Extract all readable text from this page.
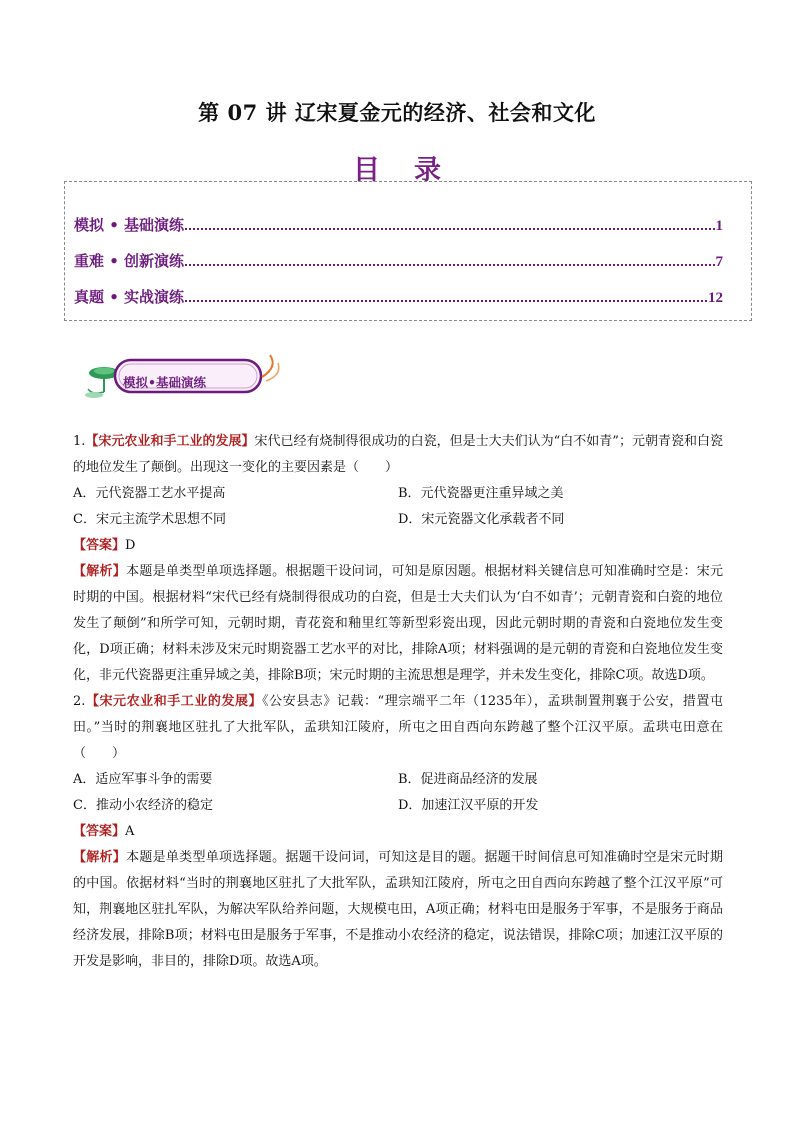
第 07 讲 辽宋夏金元的经济、社会和文化
目录
模拟 • 基础演练	1
重难 • 创新演练	7
真题 • 实战演练	12
模拟•基础演练

1.【宋元农业和手工业的发展】宋代已经有烧制得很成功的白瓷，但是士大夫们认为“白不如青”；元朝青瓷和白瓷的地位发生了颠倒。出现这一变化的主要因素是（　　）

A．元代瓷器工艺水平提高	B．元代瓷器更注重异域之美
C．宋元主流学术思想不同	D．宋元瓷器文化承载者不同

【答案】D

【解析】本题是单类型单项选择题。根据题干设问词，可知是原因题。根据材料关键信息可知准确时空是：宋元时期的中国。根据材料“宋代已经有烧制得很成功的白瓷，但是士大夫们认为‘白不如青’；元朝青瓷和白瓷的地位发生了颠倒”和所学可知，元朝时期，青花瓷和釉里红等新型彩瓷出现，因此元朝时期的青瓷和白瓷地位发生变化，D项正确；材料未涉及宋元时期瓷器工艺水平的对比，排除A项；材料强调的是元朝的青瓷和白瓷地位发生变化，非元代瓷器更注重异域之美，排除B项；宋元时期的主流思想是理学，并未发生变化，排除C项。故选D项。

2.【宋元农业和手工业的发展】《公安县志》记载：“理宗端平二年（1235年），孟珙制置荆襄于公安，措置屯田。”当时的荆襄地区驻扎了大批军队，孟珙知江陵府，所屯之田自西向东跨越了整个江汉平原。孟珙屯田意在（　　）

A．适应军事斗争的需要	B．促进商品经济的发展
C．推动小农经济的稳定	D．加速江汉平原的开发

【答案】A

【解析】本题是单类型单项选择题。据题干设问词，可知这是目的题。据题干时间信息可知准确时空是宋元时期的中国。依据材料“当时的荆襄地区驻扎了大批军队，孟珙知江陵府，所屯之田自西向东跨越了整个江汉平原”可知，荆襄地区驻扎军队，为解决军队给养问题，大规模屯田，A项正确；材料屯田是服务于军事，不是服务于商品经济发展，排除B项；材料屯田是服务于军事，不是推动小农经济的稳定，说法错误，排除C项；加速江汉平原的开发是影响，非目的，排除D项。故选A项。
